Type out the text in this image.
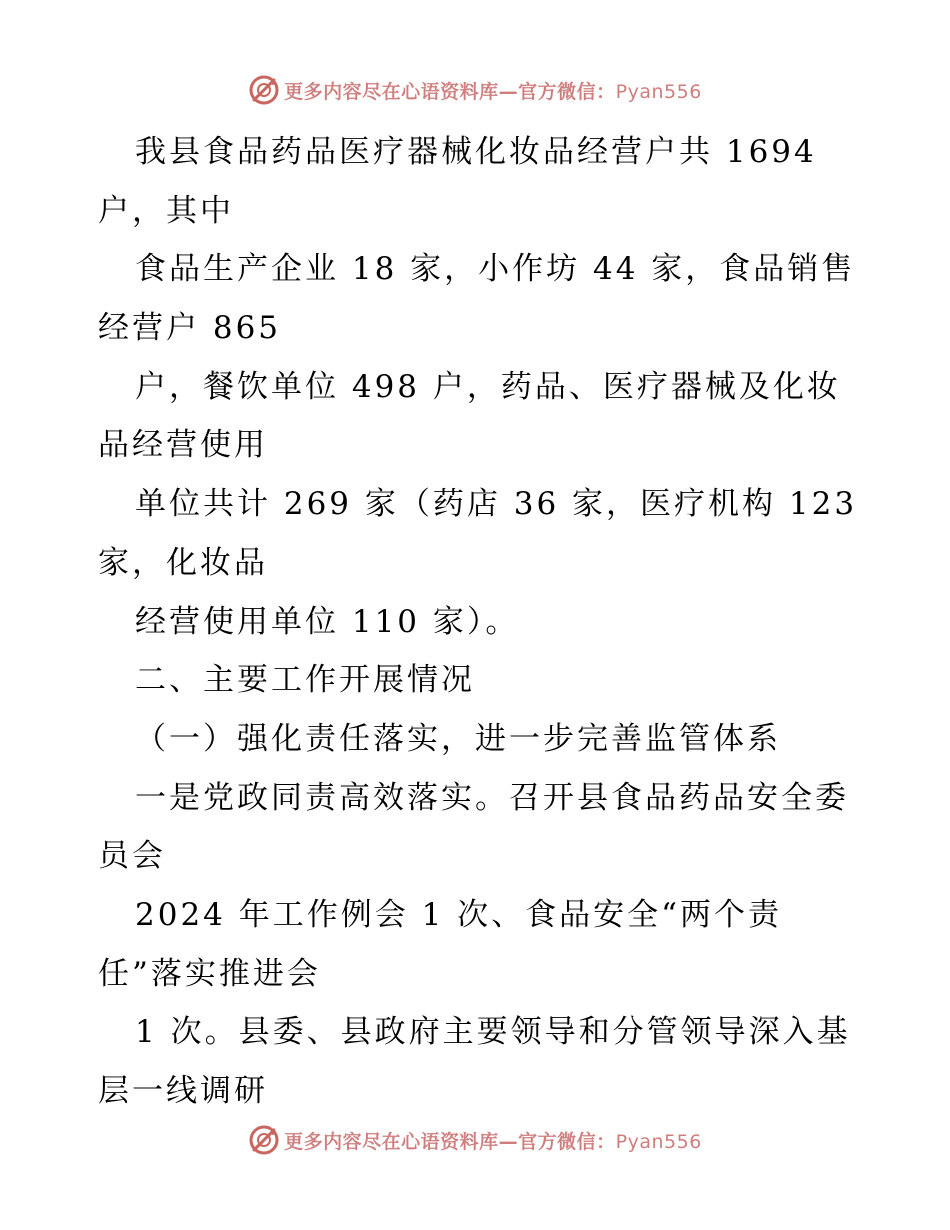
更多内容尽在心语资料库—官方微信：Pyan556
我县食品药品医疗器械化妆品经营户共 1694
户，其中
食品生产企业 18 家，小作坊 44 家，食品销售
经营户 865
户，餐饮单位 498 户，药品、医疗器械及化妆
品经营使用
单位共计 269 家（药店 36 家，医疗机构 123
家，化妆品
经营使用单位 110 家）。
二、主要工作开展情况
（一）强化责任落实，进一步完善监管体系
一是党政同责高效落实。召开县食品药品安全委
员会
2024 年工作例会 1 次、食品安全“两个责
任”落实推进会
1 次。县委、县政府主要领导和分管领导深入基
层一线调研
更多内容尽在心语资料库—官方微信：Pyan556
